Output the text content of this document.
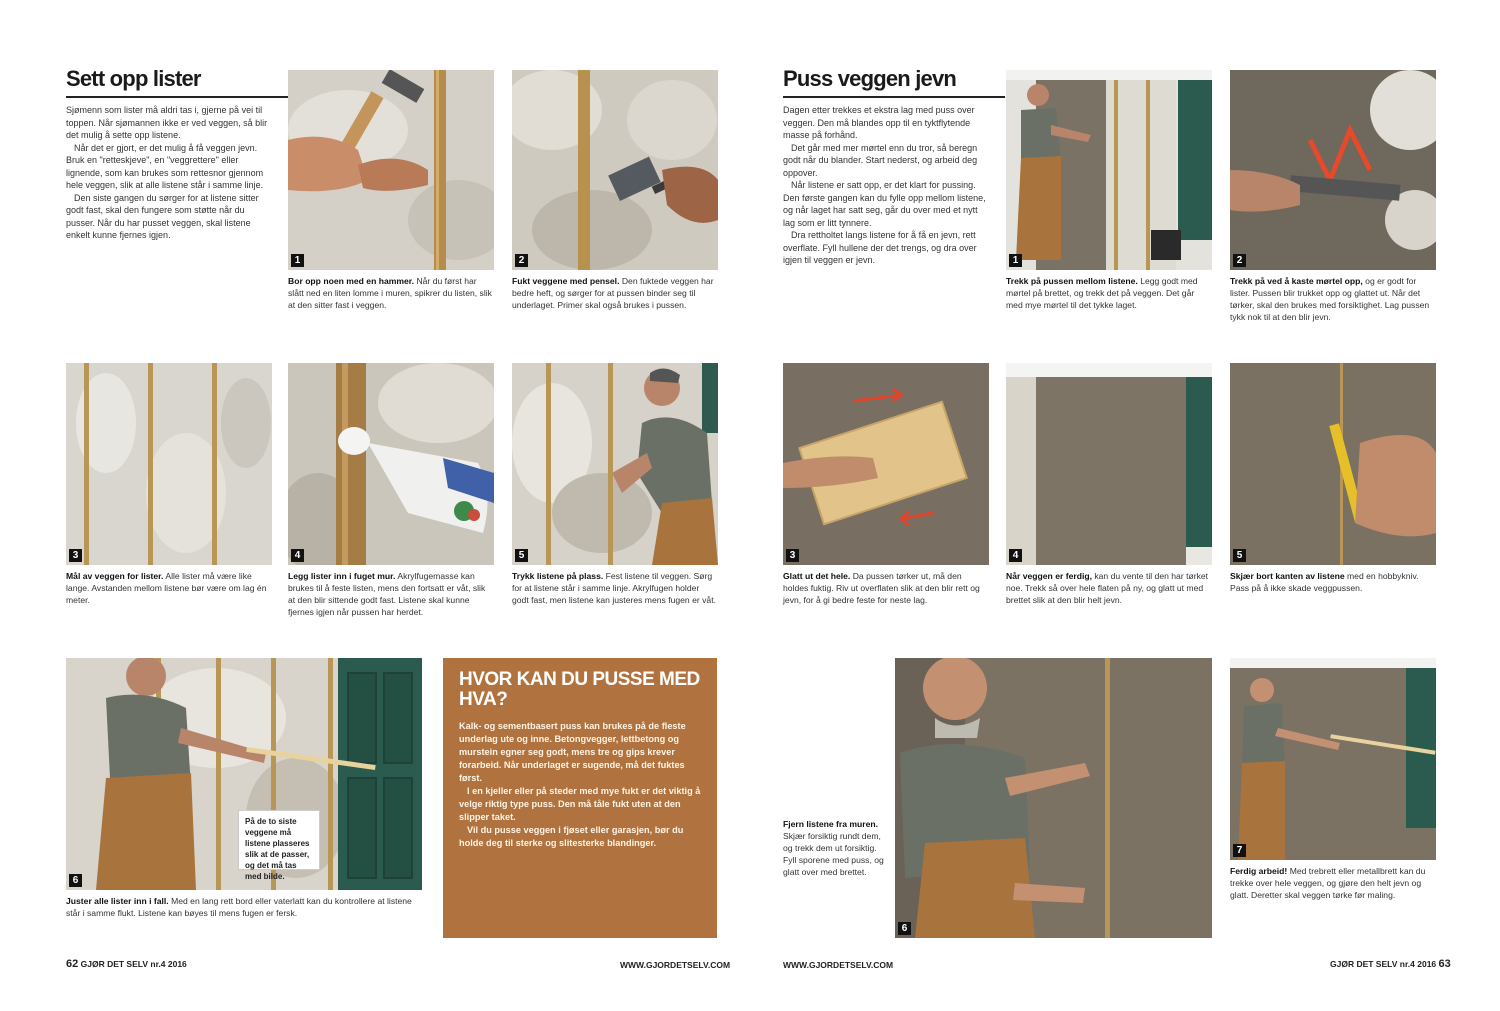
Sett opp lister

Sjømenn som lister må aldri tas i, gjerne på vei til toppen. Når sjømannen ikke er ved veggen, så blir det mulig å sette opp listene.

Når det er gjort, er det mulig å få veggen jevn. Bruk en "retteskjeve", en "veggrettere" eller lignende, som kan brukes som rettesnor gjennom hele veggen, slik at alle listene står i samme linje.

Den siste gangen du sørger for at listene sitter godt fast, skal den fungere som støtte når du pusser. Når du har pusset veggen, skal listene enkelt kunne fjernes igjen.

1
Bor opp noen med en hammer. Når du først har slått ned en liten lomme i muren, spikrer du listen, slik at den sitter fast i veggen.
2
Fukt veggene med pensel. Den fuktede veggen har bedre heft, og sørger for at pussen binder seg til underlaget. Primer skal også brukes i pussen.
3
Mål av veggen for lister. Alle lister må være like lange. Avstanden mellom listene bør være om lag én meter.
4
Legg lister inn i fuget mur. Akrylfugemasse kan brukes til å feste listen, mens den fortsatt er våt, slik at den blir sittende godt fast. Listene skal kunne fjernes igjen når pussen har herdet.
5
Trykk listene på plass. Fest listene til veggen. Sørg for at listene står i samme linje. Akrylfugen holder godt fast, men listene kan justeres mens fugen er våt.
6
På de to siste veggene må listene plasseres slik at de passer, og det må tas med bilde.
Juster alle lister inn i fall. Med en lang rett bord eller vaterlatt kan du kontrollere at listene står i samme flukt. Listene kan bøyes til mens fugen er fersk.
HVOR KAN DU PUSSE MED HVA?

Kalk- og sementbasert puss kan brukes på de fleste underlag ute og inne. Betongvegger, lettbetong og murstein egner seg godt, mens tre og gips krever forarbeid. Når underlaget er sugende, må det fuktes først.

I en kjeller eller på steder med mye fukt er det viktig å velge riktig type puss. Den må tåle fukt uten at den slipper taket.

Vil du pusse veggen i fjøset eller garasjen, bør du holde deg til sterke og slitesterke blandinger.

62 GJØR DET SELV nr.4 2016	WWW.GJORDETSELV.COM
Puss veggen jevn

Dagen etter trekkes et ekstra lag med puss over veggen. Den må blandes opp til en tyktflytende masse på forhånd.

Det går med mer mørtel enn du tror, så beregn godt når du blander. Start nederst, og arbeid deg oppover.

Når listene er satt opp, er det klart for pussing. Den første gangen kan du fylle opp mellom listene, og når laget har satt seg, går du over med et nytt lag som er litt tynnere.

Dra rettholtet langs listene for å få en jevn, rett overflate. Fyll hullene der det trengs, og dra over igjen til veggen er jevn.	1
Trekk på pussen mellom listene. Legg godt med mørtel på brettet, og trekk det på veggen. Det går med mye mørtel til det tykke laget.
2
Trekk på ved å kaste mørtel opp, og er godt for lister. Pussen blir trukket opp og glattet ut. Når det tørker, skal den brukes med forsiktighet. Lag pussen tykk nok til at den blir jevn.
3
Glatt ut det hele. Da pussen tørker ut, må den holdes fuktig. Riv ut overflaten slik at den blir rett og jevn, for å gi bedre feste for neste lag.
4
Når veggen er ferdig, kan du vente til den har tørket noe. Trekk så over hele flaten på ny, og glatt ut med brettet slik at den blir helt jevn.
5
Skjær bort kanten av listene med en hobbykniv. Pass på å ikke skade veggpussen.
Fjern listene fra muren. Skjær forsiktig rundt dem, og trekk dem ut forsiktig. Fyll sporene med puss, og glatt over med brettet.
6
7
Ferdig arbeid! Med trebrett eller metallbrett kan du trekke over hele veggen, og gjøre den helt jevn og glatt. Deretter skal veggen tørke før maling.
WWW.GJORDETSELV.COM	GJØR DET SELV nr.4 2016 63
